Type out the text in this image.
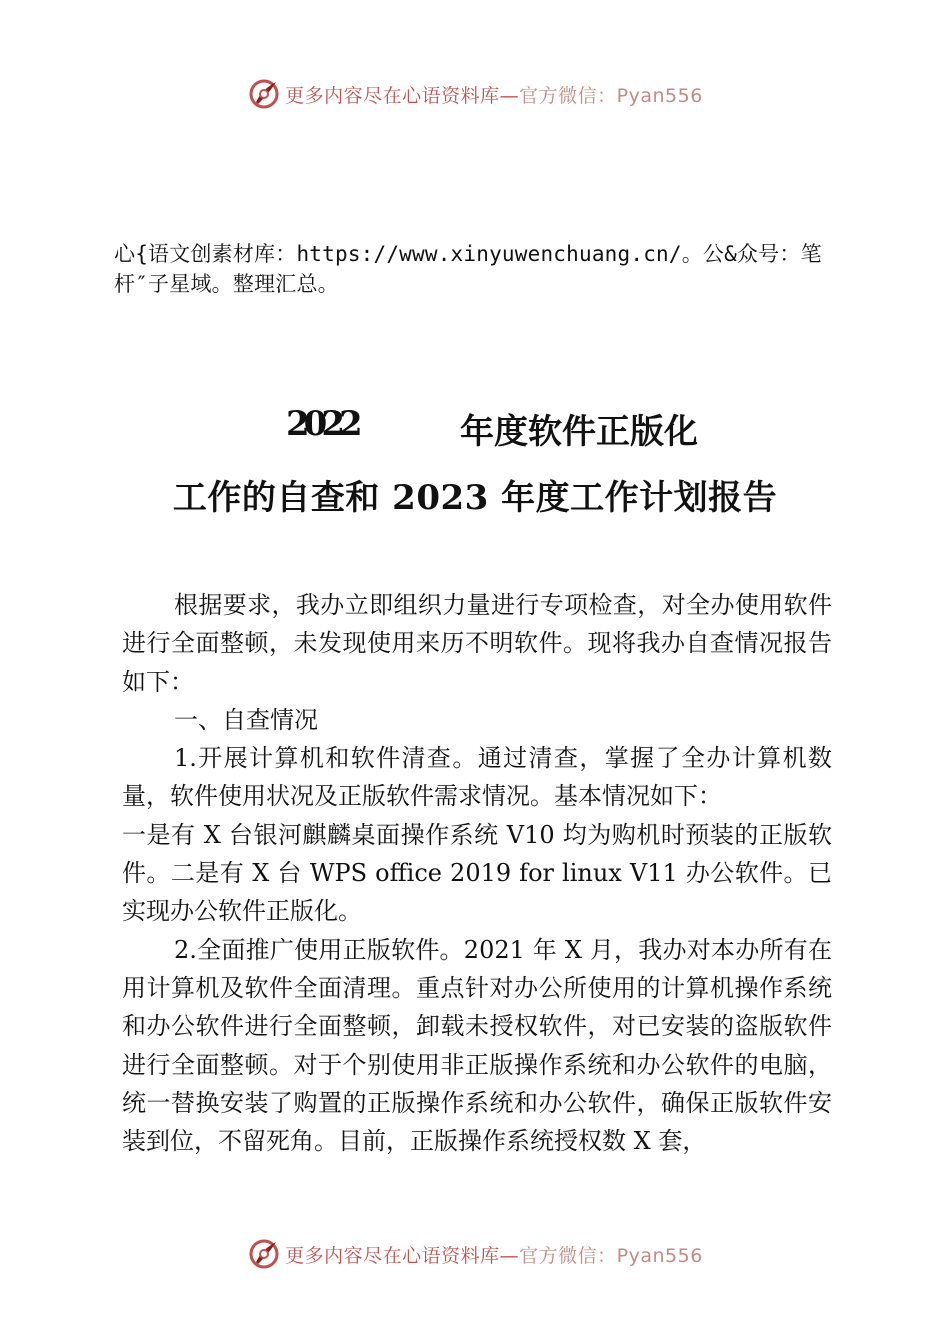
更多内容尽在心语资料库—官方微信：Pyan556
心{语文创素材库：https://www.xinyuwenchuang.cn/。公&众号：笔杆″子星域。整理汇总。
2022	年度软件正版化
工作的自查和 2023 年度工作计划报告

根据要求，我办立即组织力量进行专项检查，对全办使用软件进行全面整顿，未发现使用来历不明软件。现将我办自查情况报告如下：

一、自查情况

1.开展计算机和软件清查。通过清查，掌握了全办计算机数量，软件使用状况及正版软件需求情况。基本情况如下：

一是有 X 台银河麒麟桌面操作系统 V10 均为购机时预装的正版软件。二是有 X 台 WPS office 2019 for linux V11 办公软件。已实现办公软件正版化。

2.全面推广使用正版软件。2021 年 X 月，我办对本办所有在用计算机及软件全面清理。重点针对办公所使用的计算机操作系统和办公软件进行全面整顿，卸载未授权软件，对已安装的盗版软件进行全面整顿。对于个别使用非正版操作系统和办公软件的电脑，统一替换安装了购置的正版操作系统和办公软件，确保正版软件安装到位，不留死角。目前，正版操作系统授权数 X 套，

更多内容尽在心语资料库—官方微信：Pyan556
